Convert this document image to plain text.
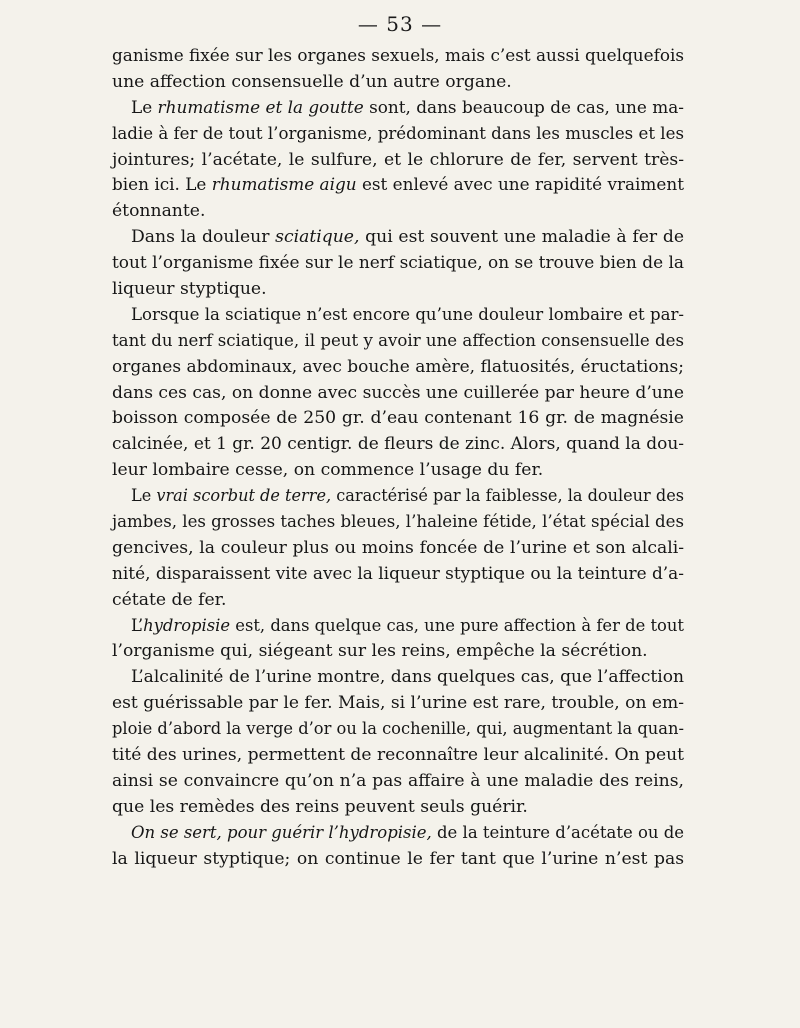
— 53 —
ganisme fixée sur les organes sexuels, mais c’est aussi quelquefois
une affection consensuelle d’un autre organe.
Le rhumatisme et la goutte sont, dans beaucoup de cas, une ma-
ladie à fer de tout l’organisme, prédominant dans les muscles et les
jointures; l’acétate, le sulfure, et le chlorure de fer, servent très-
bien ici. Le rhumatisme aigu est enlevé avec une rapidité vraiment
étonnante.
Dans la douleur sciatique, qui est souvent une maladie à fer de
tout l’organisme fixée sur le nerf sciatique, on se trouve bien de la
liqueur styptique.
Lorsque la sciatique n’est encore qu’une douleur lombaire et par-
tant du nerf sciatique, il peut y avoir une affection consensuelle des
organes abdominaux, avec bouche amère, flatuosités, éructations;
dans ces cas, on donne avec succès une cuillerée par heure d’une
boisson composée de 250 gr. d’eau contenant 16 gr. de magnésie
calcinée, et 1 gr. 20 centigr. de fleurs de zinc. Alors, quand la dou-
leur lombaire cesse, on commence l’usage du fer.
Le vrai scorbut de terre, caractérisé par la faiblesse, la douleur des
jambes, les grosses taches bleues, l’haleine fétide, l’état spécial des
gencives, la couleur plus ou moins foncée de l’urine et son alcali-
nité, disparaissent vite avec la liqueur styptique ou la teinture d’a-
cétate de fer.
L’hydropisie est, dans quelque cas, une pure affection à fer de tout
l’organisme qui, siégeant sur les reins, empêche la sécrétion.
L’alcalinité de l’urine montre, dans quelques cas, que l’affection
est guérissable par le fer. Mais, si l’urine est rare, trouble, on em-
ploie d’abord la verge d’or ou la cochenille, qui, augmentant la quan-
tité des urines, permettent de reconnaître leur alcalinité. On peut
ainsi se convaincre qu’on n’a pas affaire à une maladie des reins,
que les remèdes des reins peuvent seuls guérir.
On se sert, pour guérir l’hydropisie, de la teinture d’acétate ou de
la liqueur styptique; on continue le fer tant que l’urine n’est pas
